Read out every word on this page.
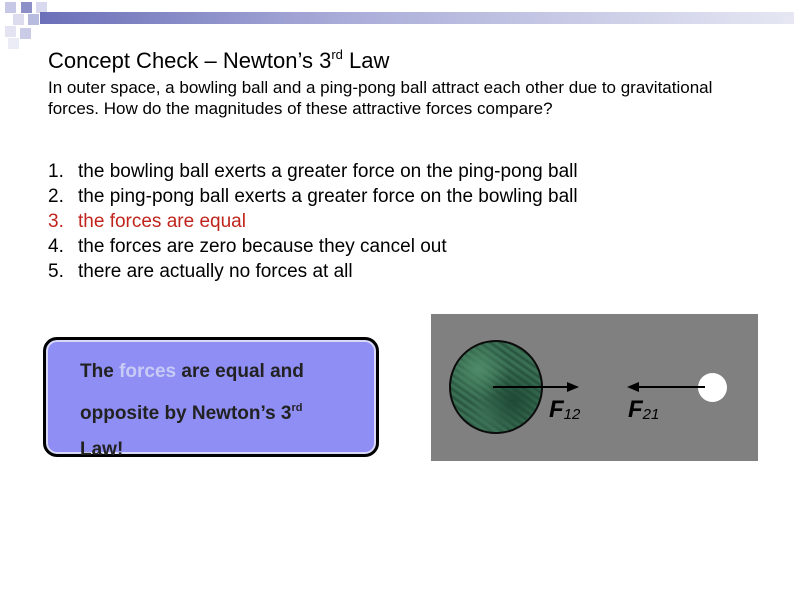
Concept Check – Newton’s 3rd Law
In outer space, a bowling ball and a ping-pong ball attract each other due to gravitational forces. How do the magnitudes of these attractive forces compare?
1. the bowling ball exerts a greater force on the ping-pong ball
2. the ping-pong ball exerts a greater force on the bowling ball
3. the forces are equal
4. the forces are zero because they cancel out
5. there are actually no forces at all
The forces are equal and
opposite by Newton’s 3rd
Law!
F12 F21
